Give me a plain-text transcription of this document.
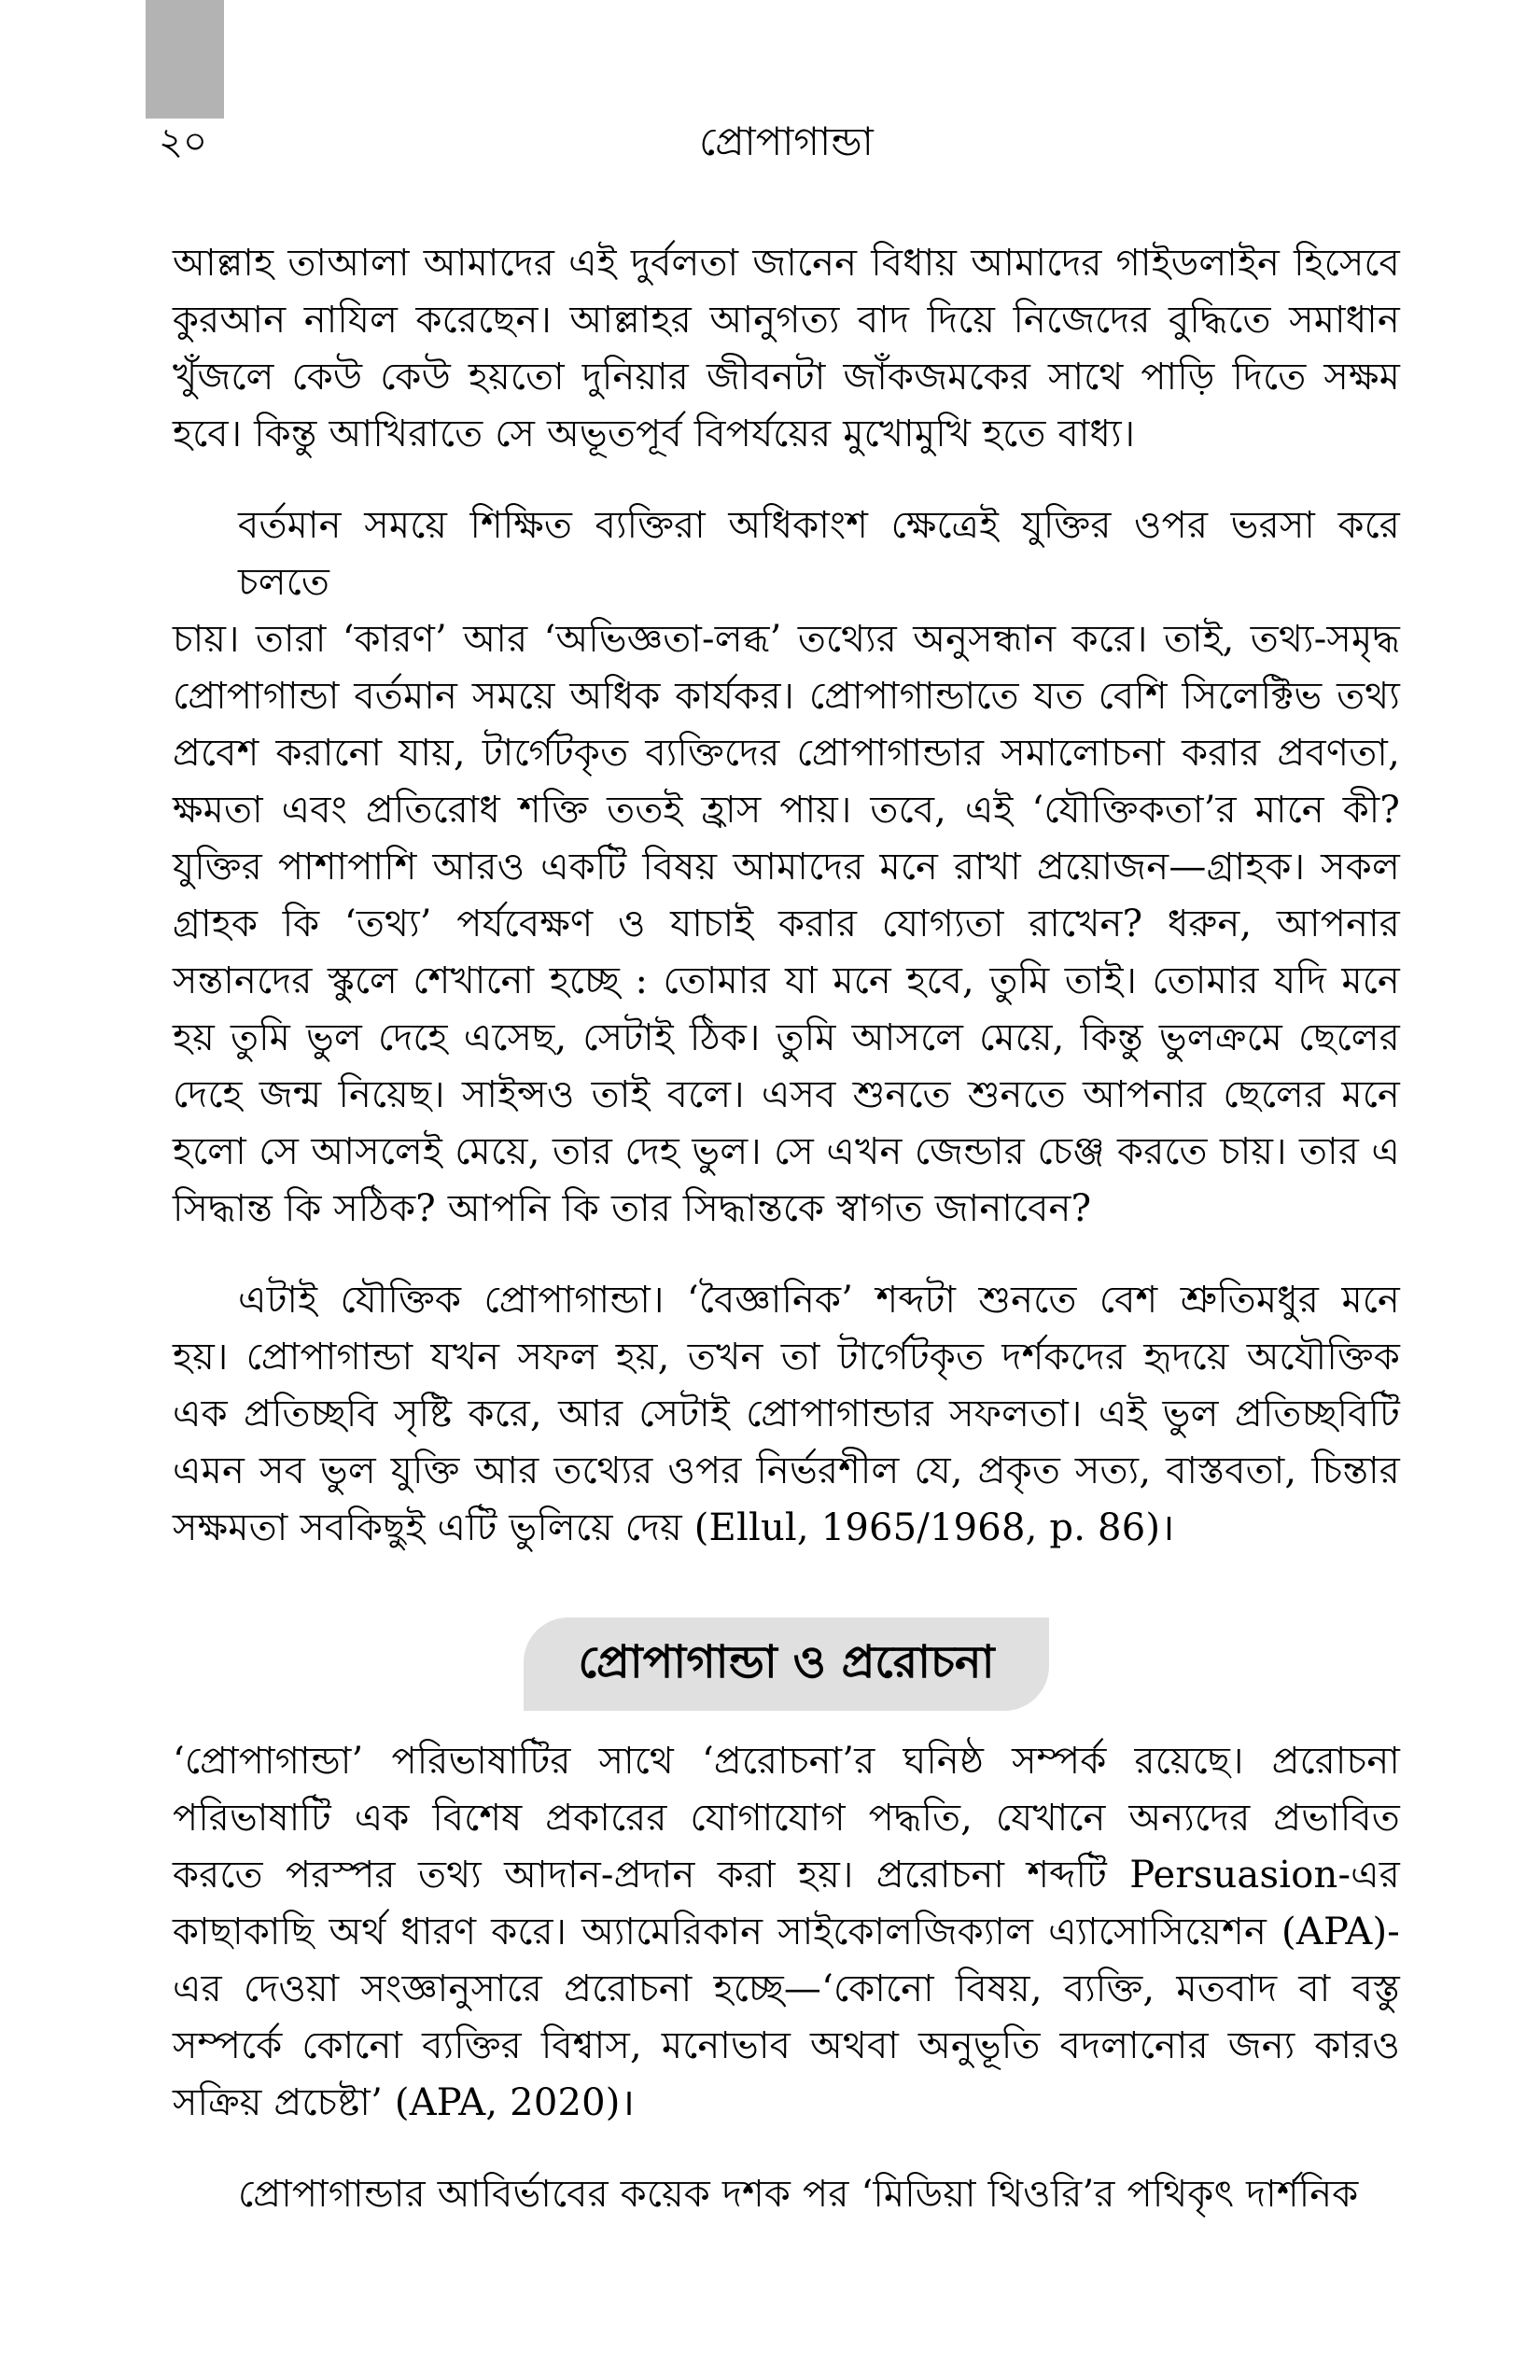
২০	প্রোপাগান্ডা
আল্লাহ তাআলা আমাদের এই দুর্বলতা জানেন বিধায় আমাদের গাইডলাইন হিসেবে
কুরআন নাযিল করেছেন। আল্লাহর আনুগত্য বাদ দিয়ে নিজেদের বুদ্ধিতে সমাধান
খুঁজলে কেউ কেউ হয়তো দুনিয়ার জীবনটা জাঁকজমকের সাথে পাড়ি দিতে সক্ষম
হবে। কিন্তু আখিরাতে সে অভূতপূর্ব বিপর্যয়ের মুখোমুখি হতে বাধ্য।
বর্তমান সময়ে শিক্ষিত ব্যক্তিরা অধিকাংশ ক্ষেত্রেই যুক্তির ওপর ভরসা করে চলতে
চায়। তারা ‘কারণ’ আর ‘অভিজ্ঞতা-লব্ধ’ তথ্যের অনুসন্ধান করে। তাই, তথ্য-সমৃদ্ধ
প্রোপাগান্ডা বর্তমান সময়ে অধিক কার্যকর। প্রোপাগান্ডাতে যত বেশি সিলেক্টিভ তথ্য
প্রবেশ করানো যায়, টার্গেটকৃত ব্যক্তিদের প্রোপাগান্ডার সমালোচনা করার প্রবণতা,
ক্ষমতা এবং প্রতিরোধ শক্তি ততই হ্রাস পায়। তবে, এই ‘যৌক্তিকতা’র মানে কী?
যুক্তির পাশাপাশি আরও একটি বিষয় আমাদের মনে রাখা প্রয়োজন—গ্রাহক। সকল
গ্রাহক কি ‘তথ্য’ পর্যবেক্ষণ ও যাচাই করার যোগ্যতা রাখেন? ধরুন, আপনার
সন্তানদের স্কুলে শেখানো হচ্ছে : তোমার যা মনে হবে, তুমি তাই। তোমার যদি মনে
হয় তুমি ভুল দেহে এসেছ, সেটাই ঠিক। তুমি আসলে মেয়ে, কিন্তু ভুলক্রমে ছেলের
দেহে জন্ম নিয়েছ। সাইন্সও তাই বলে। এসব শুনতে শুনতে আপনার ছেলের মনে
হলো সে আসলেই মেয়ে, তার দেহ ভুল। সে এখন জেন্ডার চেঞ্জ করতে চায়। তার এ
সিদ্ধান্ত কি সঠিক? আপনি কি তার সিদ্ধান্তকে স্বাগত জানাবেন?
এটাই যৌক্তিক প্রোপাগান্ডা। ‘বৈজ্ঞানিক’ শব্দটা শুনতে বেশ শ্রুতিমধুর মনে
হয়। প্রোপাগান্ডা যখন সফল হয়, তখন তা টার্গেটকৃত দর্শকদের হৃদয়ে অযৌক্তিক
এক প্রতিচ্ছবি সৃষ্টি করে, আর সেটাই প্রোপাগান্ডার সফলতা। এই ভুল প্রতিচ্ছবিটি
এমন সব ভুল যুক্তি আর তথ্যের ওপর নির্ভরশীল যে, প্রকৃত সত্য, বাস্তবতা, চিন্তার
সক্ষমতা সবকিছুই এটি ভুলিয়ে দেয় (Ellul, 1965/1968, p. 86)।
প্রোপাগান্ডা ও প্ররোচনা
‘প্রোপাগান্ডা’ পরিভাষাটির সাথে ‘প্ররোচনা’র ঘনিষ্ঠ সম্পর্ক রয়েছে। প্ররোচনা
পরিভাষাটি এক বিশেষ প্রকারের যোগাযোগ পদ্ধতি, যেখানে অন্যদের প্রভাবিত
করতে পরস্পর তথ্য আদান-প্রদান করা হয়। প্ররোচনা শব্দটি Persuasion-এর
কাছাকাছি অর্থ ধারণ করে। অ্যামেরিকান সাইকোলজিক্যাল এ্যাসোসিয়েশন (APA)-
এর দেওয়া সংজ্ঞানুসারে প্ররোচনা হচ্ছে—‘কোনো বিষয়, ব্যক্তি, মতবাদ বা বস্তু
সম্পর্কে কোনো ব্যক্তির বিশ্বাস, মনোভাব অথবা অনুভূতি বদলানোর জন্য কারও
সক্রিয় প্রচেষ্টা’ (APA, 2020)।
প্রোপাগান্ডার আবির্ভাবের কয়েক দশক পর ‘মিডিয়া থিওরি’র পথিকৃৎ দার্শনিক
